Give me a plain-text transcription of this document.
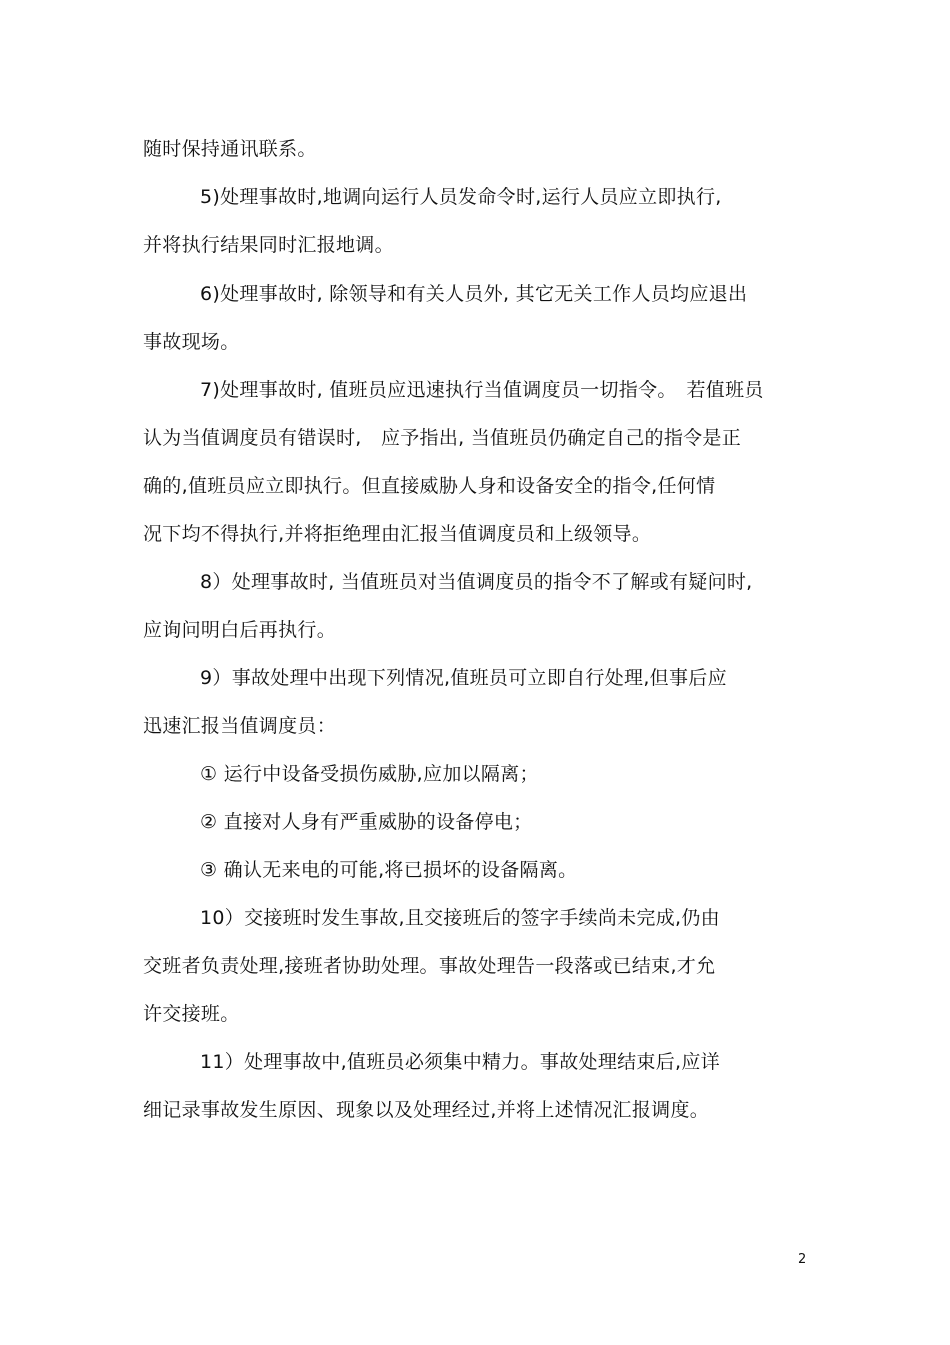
随时保持通讯联系。
5)处理事故时,地调向运行人员发命令时,运行人员应立即执行,
并将执行结果同时汇报地调。
6)处理事故时, 除领导和有关人员外, 其它无关工作人员均应退出
事故现场。
7)处理事故时, 值班员应迅速执行当值调度员一切指令。　若值班员
认为当值调度员有错误时,　应予指出, 当值班员仍确定自己的指令是正
确的,值班员应立即执行。但直接威胁人身和设备安全的指令,任何情
况下均不得执行,并将拒绝理由汇报当值调度员和上级领导。
8）处理事故时, 当值班员对当值调度员的指令不了解或有疑问时,
应询问明白后再执行。
9）事故处理中出现下列情况,值班员可立即自行处理,但事后应
迅速汇报当值调度员：
① 运行中设备受损伤威胁,应加以隔离；
② 直接对人身有严重威胁的设备停电；
③ 确认无来电的可能,将已损坏的设备隔离。
10）交接班时发生事故,且交接班后的签字手续尚未完成,仍由
交班者负责处理,接班者协助处理。事故处理告一段落或已结束,才允
许交接班。
11）处理事故中,值班员必须集中精力。事故处理结束后,应详
细记录事故发生原因、现象以及处理经过,并将上述情况汇报调度。
2
